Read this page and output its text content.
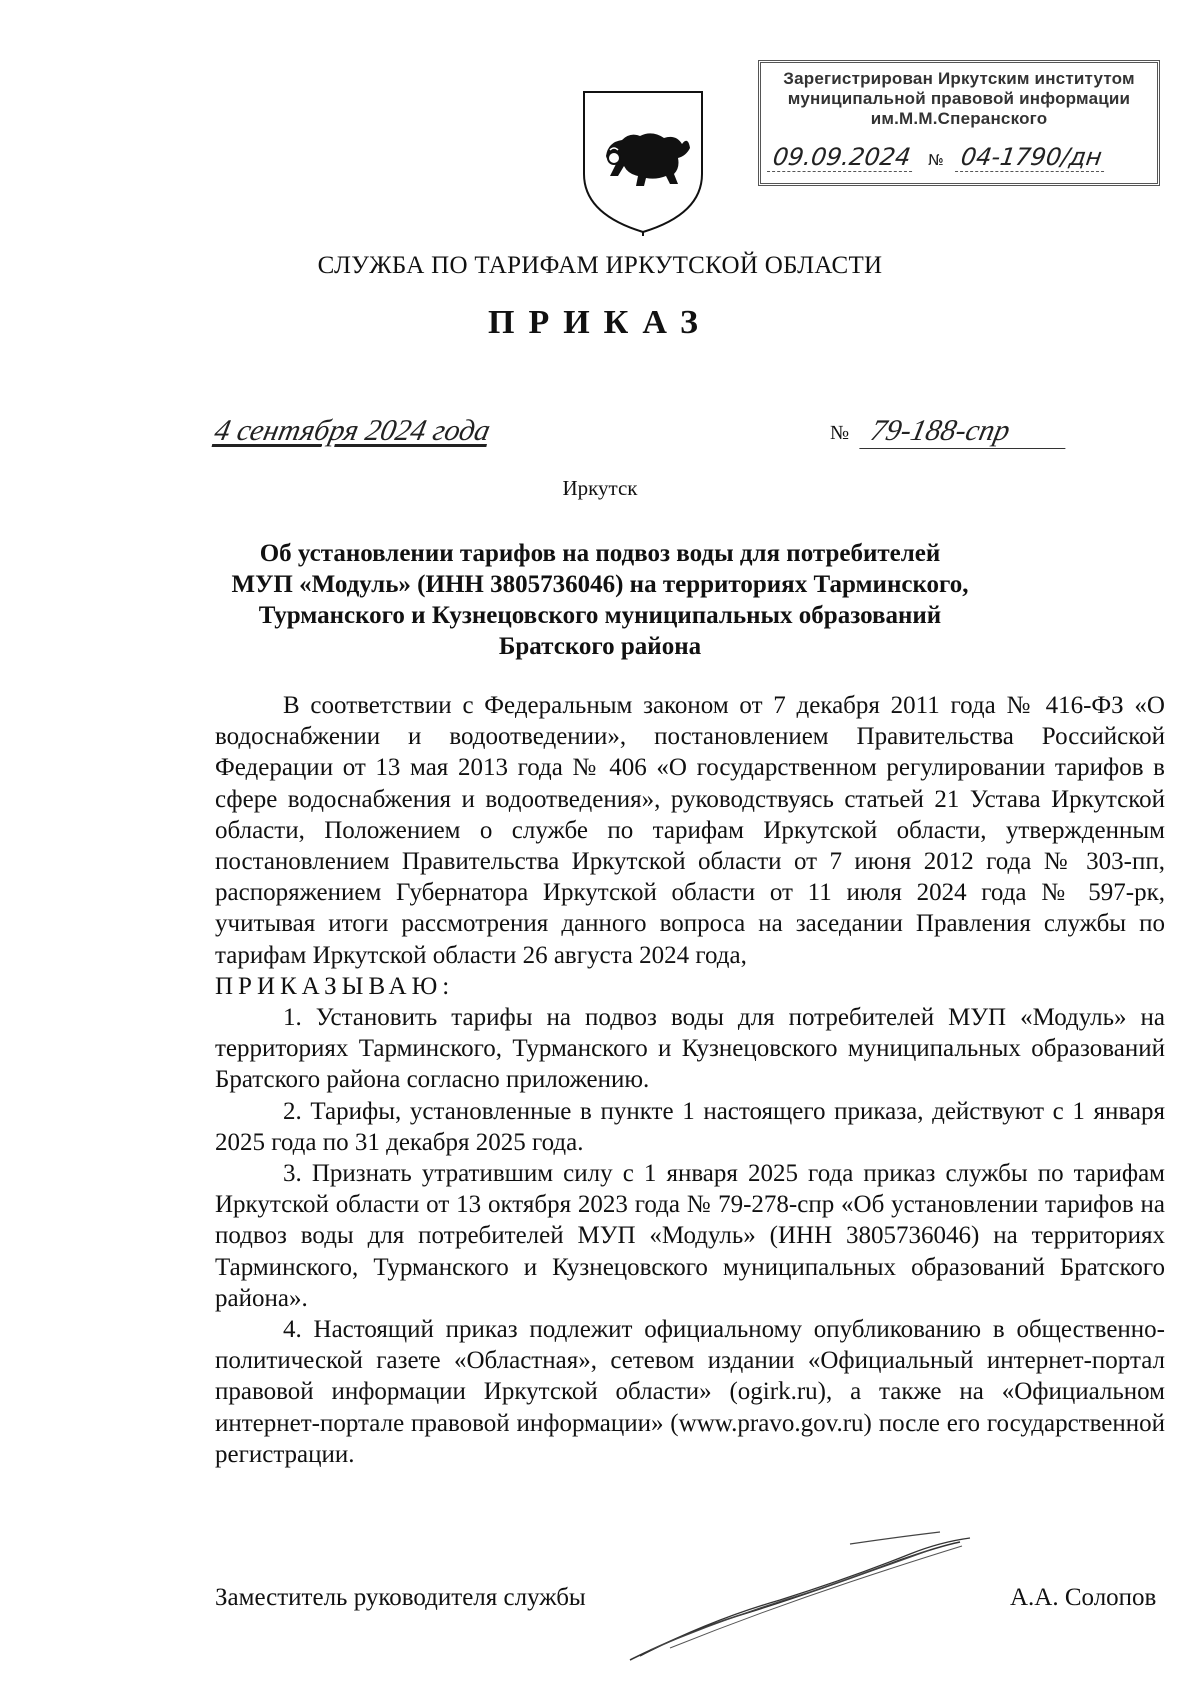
Зарегистрирован Иркутским институтом
муниципальной правовой информации
им.М.М.Сперанского
09.09.2024 № 04-1790/дн
СЛУЖБА ПО ТАРИФАМ ИРКУТСКОЙ ОБЛАСТИ
ПРИКАЗ
4 сентября 2024 года	№ 79-188-спр
Иркутск
Об установлении тарифов на подвоз воды для потребителей
МУП «Модуль» (ИНН 3805736046) на территориях Тарминского,
Турманского и Кузнецовского муниципальных образований
Братского района

В соответствии с Федеральным законом от 7 декабря 2011 года № 416-ФЗ «О водоснабжении и водоотведении», постановлением Правительства Российской Федерации от 13 мая 2013 года № 406 «О государственном регулировании тарифов в сфере водоснабжения и водоотведения», руководствуясь статьей 21 Устава Иркутской области, Положением о службе по тарифам Иркутской области, утвержденным постановлением Правительства Иркутской области от 7 июня 2012 года № 303-пп, распоряжением Губернатора Иркутской области от 11 июля 2024 года № 597-рк, учитывая итоги рассмотрения данного вопроса на заседании Правления службы по тарифам Иркутской области 26 августа 2024 года,

ПРИКАЗЫВАЮ:

1. Установить тарифы на подвоз воды для потребителей МУП «Модуль» на территориях Тарминского, Турманского и Кузнецовского муниципальных образований Братского района согласно приложению.

2. Тарифы, установленные в пункте 1 настоящего приказа, действуют с 1 января 2025 года по 31 декабря 2025 года.

3. Признать утратившим силу с 1 января 2025 года приказ службы по тарифам Иркутской области от 13 октября 2023 года № 79-278-спр «Об установлении тарифов на подвоз воды для потребителей МУП «Модуль» (ИНН 3805736046) на территориях Тарминского, Турманского и Кузнецовского муниципальных образований Братского района».

4. Настоящий приказ подлежит официальному опубликованию в общественно-политической газете «Областная», сетевом издании «Официальный интернет-портал правовой информации Иркутской области» (ogirk.ru), а также на «Официальном интернет-портале правовой информации» (www.pravo.gov.ru) после его государственной регистрации.

Заместитель руководителя службы	А.А. Солопов
